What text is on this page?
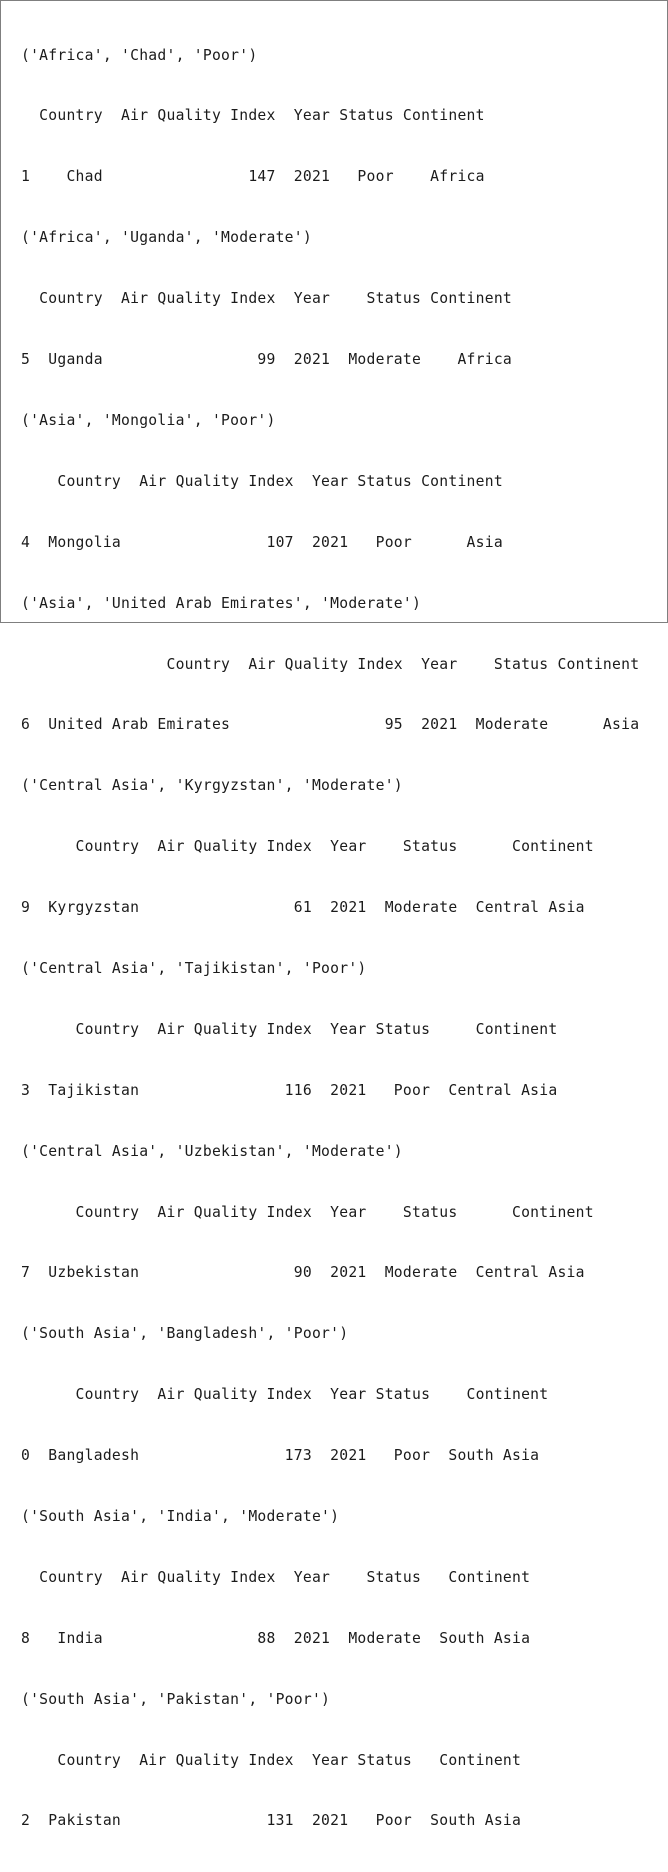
('Africa', 'Chad', 'Poor')

Country  Air Quality Index  Year Status Continent

1    Chad                147  2021   Poor    Africa

('Africa', 'Uganda', 'Moderate')

Country  Air Quality Index  Year    Status Continent

5  Uganda                 99  2021  Moderate    Africa

('Asia', 'Mongolia', 'Poor')

Country  Air Quality Index  Year Status Continent

4  Mongolia                107  2021   Poor      Asia

('Asia', 'United Arab Emirates', 'Moderate')

Country  Air Quality Index  Year    Status Continent

6  United Arab Emirates                 95  2021  Moderate      Asia

('Central Asia', 'Kyrgyzstan', 'Moderate')

Country  Air Quality Index  Year    Status      Continent

9  Kyrgyzstan                 61  2021  Moderate  Central Asia

('Central Asia', 'Tajikistan', 'Poor')

Country  Air Quality Index  Year Status     Continent

3  Tajikistan                116  2021   Poor  Central Asia

('Central Asia', 'Uzbekistan', 'Moderate')

Country  Air Quality Index  Year    Status      Continent

7  Uzbekistan                 90  2021  Moderate  Central Asia

('South Asia', 'Bangladesh', 'Poor')

Country  Air Quality Index  Year Status    Continent

0  Bangladesh                173  2021   Poor  South Asia

('South Asia', 'India', 'Moderate')

Country  Air Quality Index  Year    Status   Continent

8   India                 88  2021  Moderate  South Asia

('South Asia', 'Pakistan', 'Poor')

Country  Air Quality Index  Year Status   Continent

2  Pakistan                131  2021   Poor  South Asia
